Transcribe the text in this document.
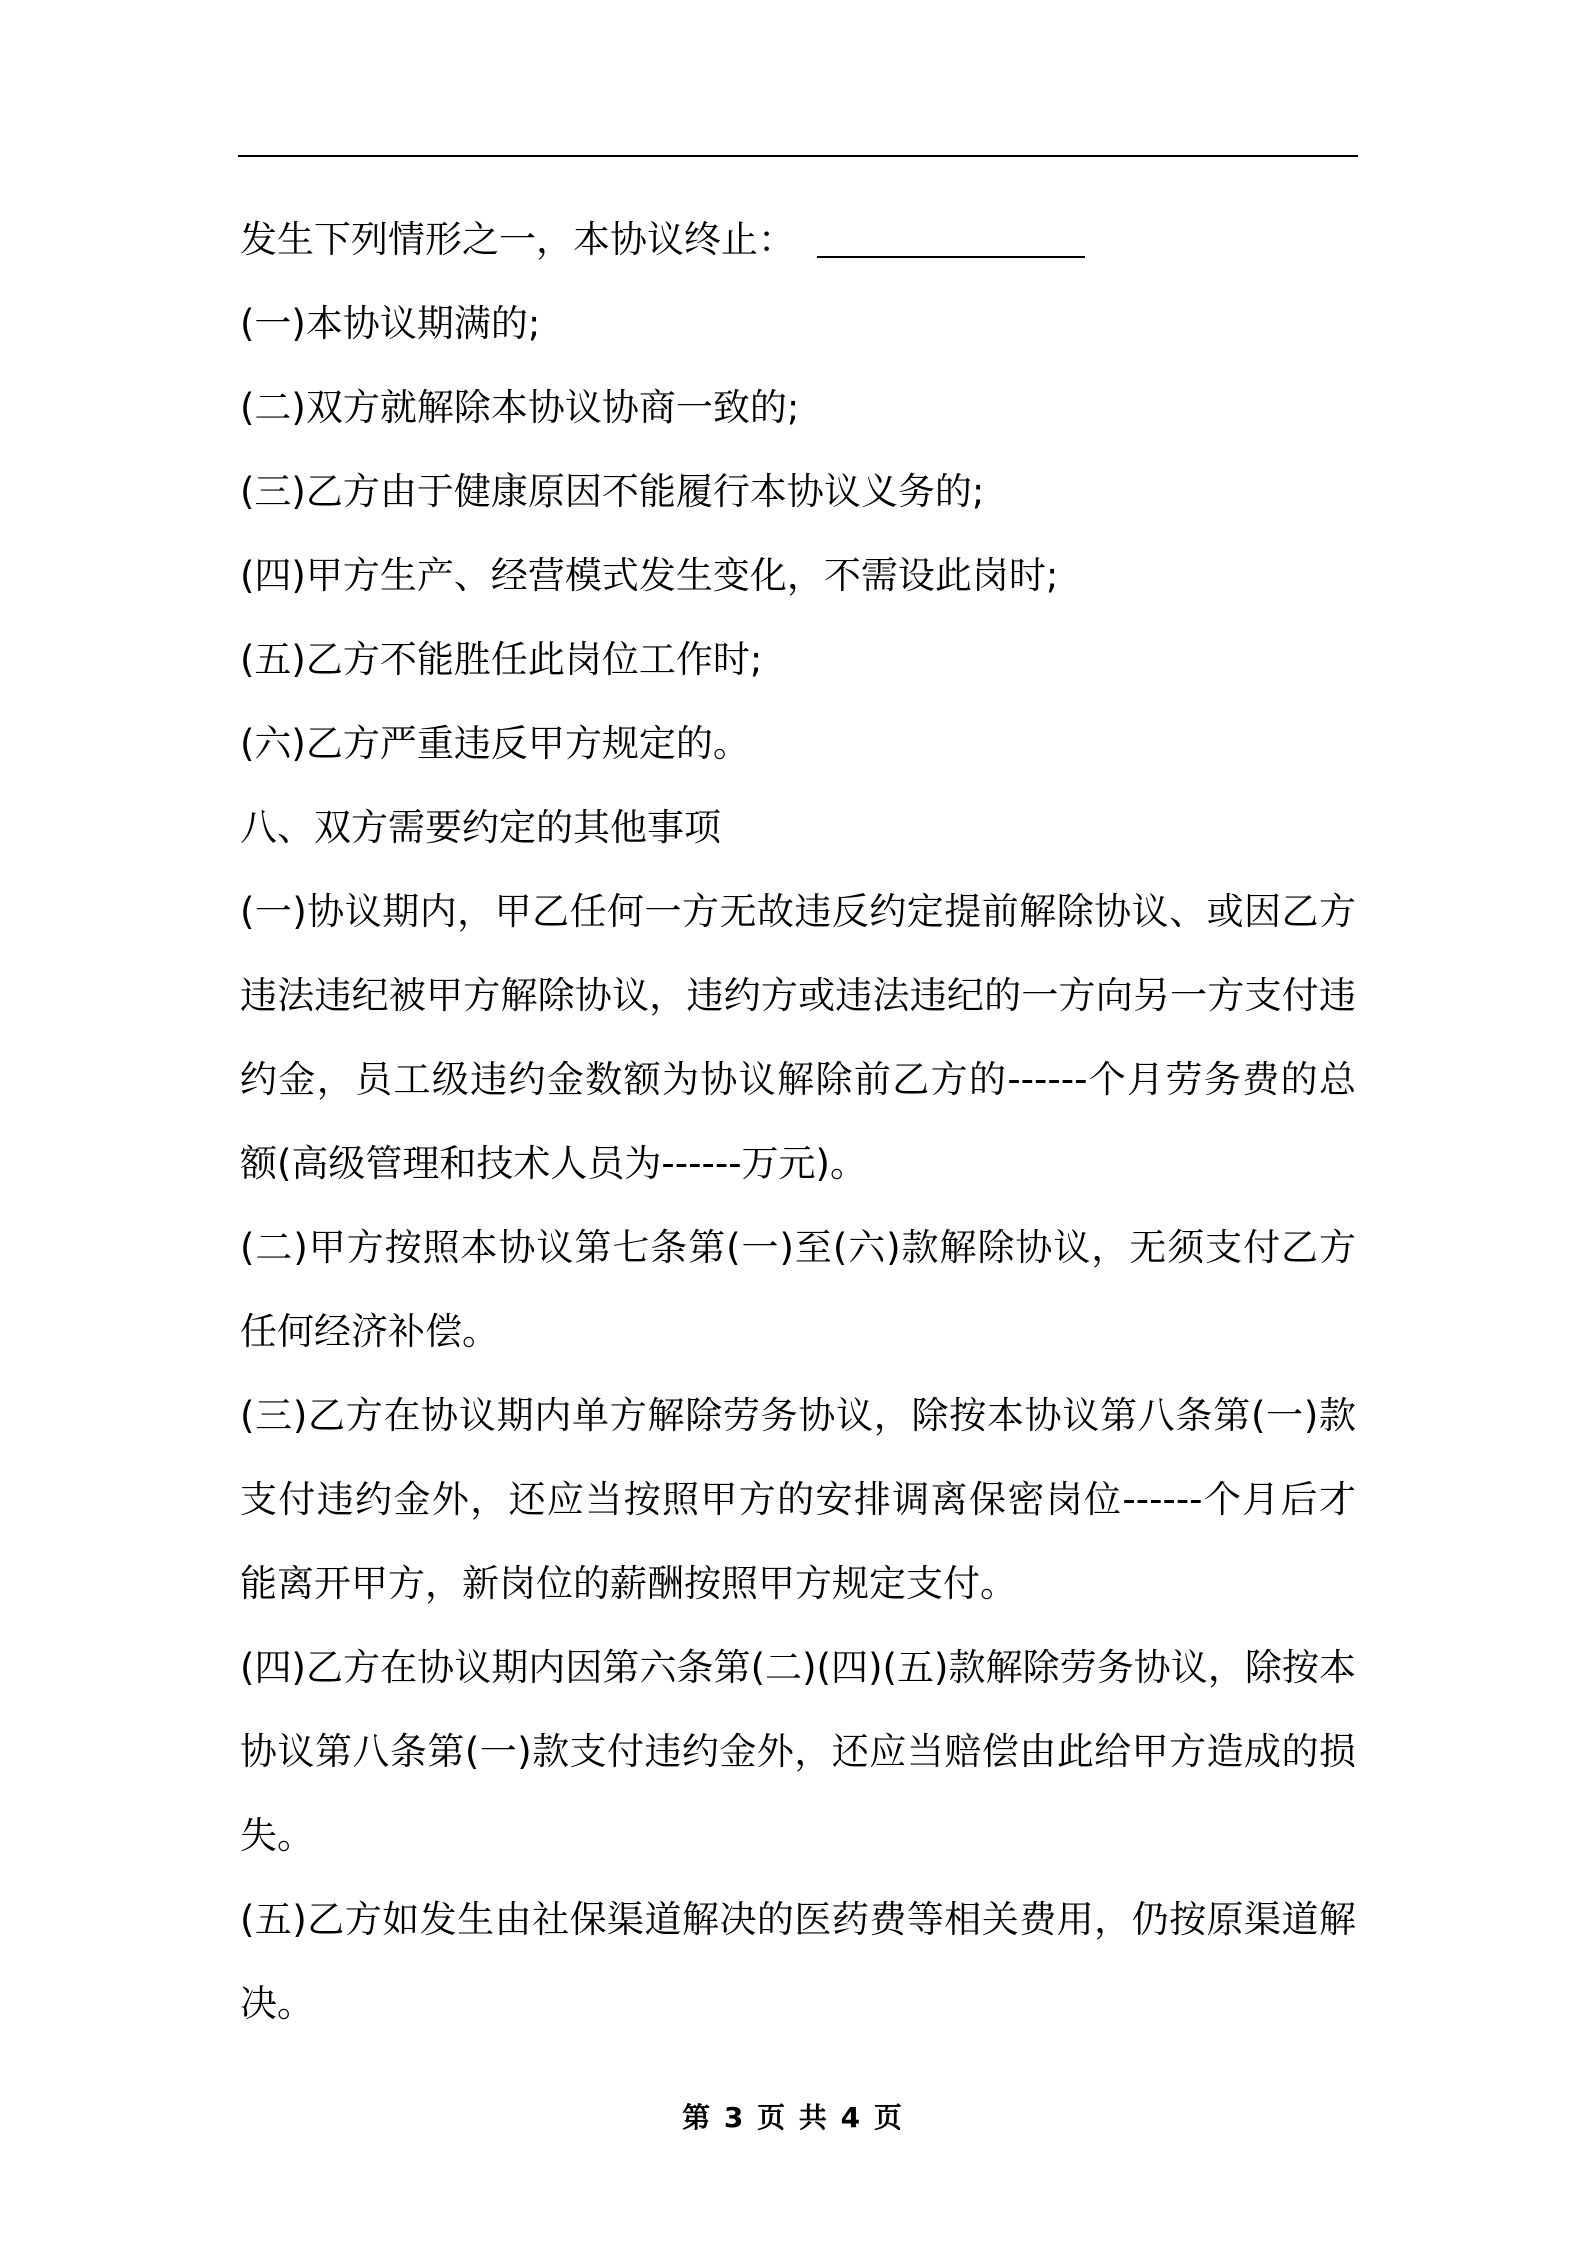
发生下列情形之一，本协议终止：

(一)本协议期满的;

(二)双方就解除本协议协商一致的;

(三)乙方由于健康原因不能履行本协议义务的;

(四)甲方生产、经营模式发生变化，不需设此岗时;

(五)乙方不能胜任此岗位工作时;

(六)乙方严重违反甲方规定的。

八、双方需要约定的其他事项

(一)协议期内，甲乙任何一方无故违反约定提前解除协议、或因乙方违法违纪被甲方解除协议，违约方或违法违纪的一方向另一方支付违约金，员工级违约金数额为协议解除前乙方的------个月劳务费的总额(高级管理和技术人员为------万元)。

(二)甲方按照本协议第七条第(一)至(六)款解除协议，无须支付乙方任何经济补偿。

(三)乙方在协议期内单方解除劳务协议，除按本协议第八条第(一)款支付违约金外，还应当按照甲方的安排调离保密岗位------个月后才能离开甲方，新岗位的薪酬按照甲方规定支付。

(四)乙方在协议期内因第六条第(二)(四)(五)款解除劳务协议，除按本协议第八条第(一)款支付违约金外，还应当赔偿由此给甲方造成的损失。

(五)乙方如发生由社保渠道解决的医药费等相关费用，仍按原渠道解决。

第 3 页 共 4 页
